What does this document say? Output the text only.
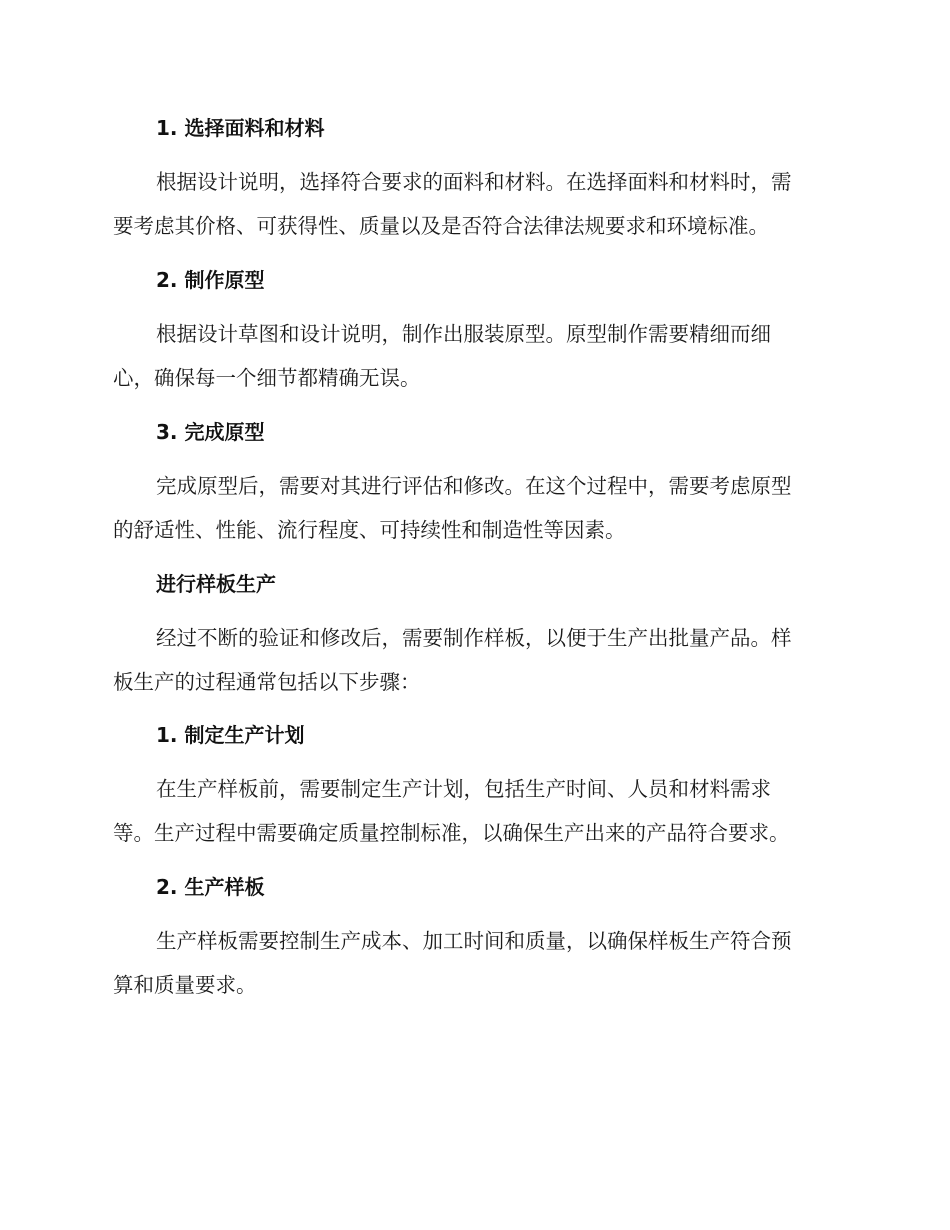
1. 选择面料和材料
根据设计说明，选择符合要求的面料和材料。在选择面料和材料时，需
要考虑其价格、可获得性、质量以及是否符合法律法规要求和环境标准。
2. 制作原型
根据设计草图和设计说明，制作出服装原型。原型制作需要精细而细
心，确保每一个细节都精确无误。
3. 完成原型
完成原型后，需要对其进行评估和修改。在这个过程中，需要考虑原型
的舒适性、性能、流行程度、可持续性和制造性等因素。
进行样板生产
经过不断的验证和修改后，需要制作样板，以便于生产出批量产品。样
板生产的过程通常包括以下步骤：
1. 制定生产计划
在生产样板前，需要制定生产计划，包括生产时间、人员和材料需求
等。生产过程中需要确定质量控制标准，以确保生产出来的产品符合要求。
2. 生产样板
生产样板需要控制生产成本、加工时间和质量，以确保样板生产符合预
算和质量要求。
